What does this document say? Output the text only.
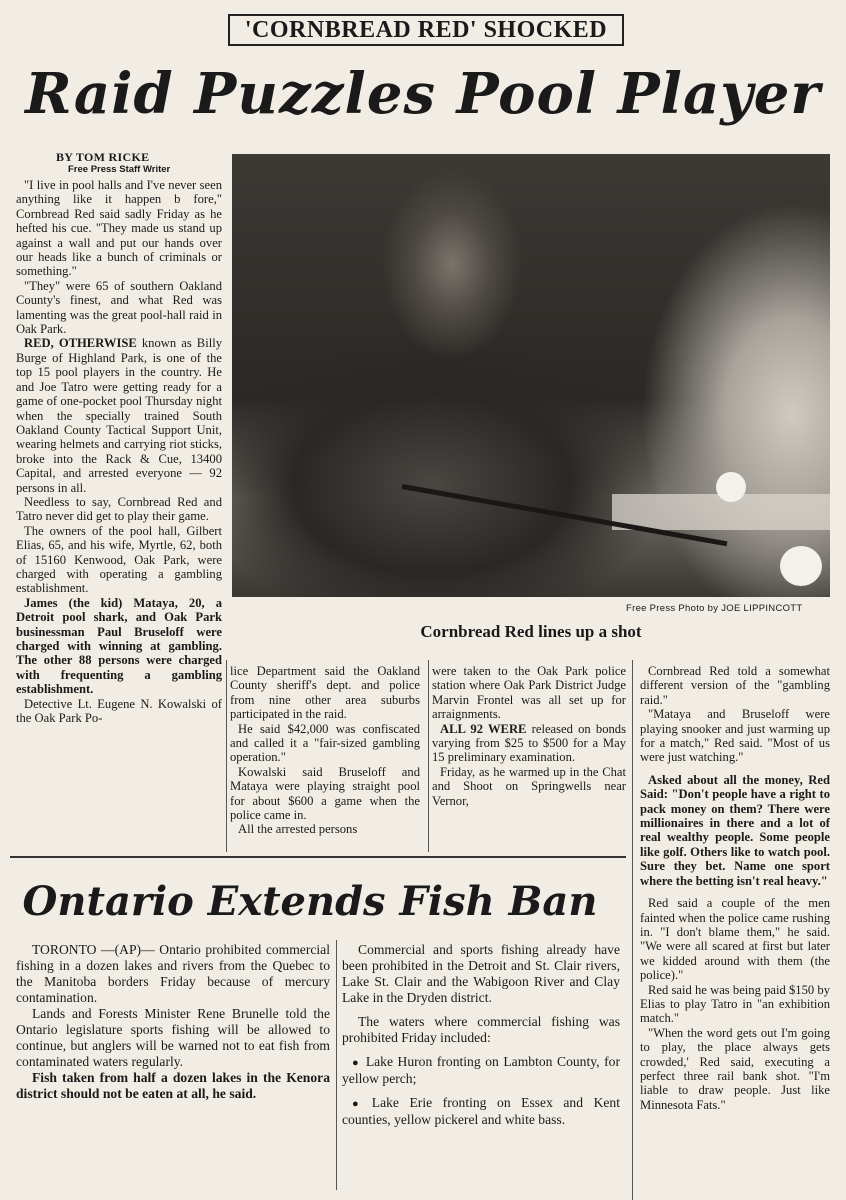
'CORNBREAD RED' SHOCKED
Raid Puzzles Pool Player
BY TOM RICKE
Free Press Staff Writer
Free Press Photo by JOE LIPPINCOTT
Cornbread Red lines up a shot

"I live in pool halls and I've never seen anything like it happen b fore," Cornbread Red said sadly Friday as he hefted his cue. "They made us stand up against a wall and put our hands over our heads like a bunch of criminals or something."

"They" were 65 of southern Oakland County's finest, and what Red was lamenting was the great pool-hall raid in Oak Park.

RED, OTHERWISE known as Billy Burge of Highland Park, is one of the top 15 pool players in the country. He and Joe Tatro were getting ready for a game of one-pocket pool Thursday night when the specially trained South Oakland County Tactical Support Unit, wearing helmets and carrying riot sticks, broke into the Rack & Cue, 13400 Capital, and arrested everyone — 92 persons in all.

Needless to say, Cornbread Red and Tatro never did get to play their game.

The owners of the pool hall, Gilbert Elias, 65, and his wife, Myrtle, 62, both of 15160 Kenwood, Oak Park, were charged with operating a gambling establishment.

James (the kid) Mataya, 20, a Detroit pool shark, and Oak Park businessman Paul Bruseloff were charged with winning at gambling. The other 88 persons were charged with frequenting a gambling establishment.

Detective Lt. Eugene N. Kowalski of the Oak Park Po-

lice Department said the Oakland County sheriff's dept. and police from nine other area suburbs participated in the raid.

He said $42,000 was confiscated and called it a "fair-sized gambling operation."

Kowalski said Bruseloff and Mataya were playing straight pool for about $600 a game when the police came in.

All the arrested persons

were taken to the Oak Park police station where Oak Park District Judge Marvin Frontel was all set up for arraignments.

ALL 92 WERE released on bonds varying from $25 to $500 for a May 15 preliminary examination.

Friday, as he warmed up in the Chat and Shoot on Springwells near Vernor,

Cornbread Red told a somewhat different version of the "gambling raid."

"Mataya and Bruseloff were playing snooker and just warming up for a match," Red said. "Most of us were just watching."

Asked about all the money, Red Said: "Don't people have a right to pack money on them? There were millionaires in there and a lot of real wealthy people. Some people like golf. Others like to watch pool. Sure they bet. Name one sport where the betting isn't real heavy."

Red said a couple of the men fainted when the police came rushing in. "I don't blame them," he said. "We were all scared at first but later we kidded around with them (the police)."

Red said he was being paid $150 by Elias to play Tatro in "an exhibition match."

"When the word gets out I'm going to play, the place always gets crowded,' Red said, executing a perfect three rail bank shot. "I'm liable to draw people. Just like Minnesota Fats."

Ontario Extends Fish Ban

TORONTO —(AP)— Ontario prohibited commercial fishing in a dozen lakes and rivers from the Quebec to the Manitoba borders Friday because of mercury contamination.

Lands and Forests Minister Rene Brunelle told the Ontario legislature sports fishing will be allowed to continue, but anglers will be warned not to eat fish from contaminated waters regularly.

Fish taken from half a dozen lakes in the Kenora district should not be eaten at all, he said.

Commercial and sports fishing already have been prohibited in the Detroit and St. Clair rivers, Lake St. Clair and the Wabigoon River and Clay Lake in the Dryden district.

The waters where commercial fishing was prohibited Friday included:

● Lake Huron fronting on Lambton County, for yellow perch;

● Lake Erie fronting on Essex and Kent counties, yellow pickerel and white bass.
